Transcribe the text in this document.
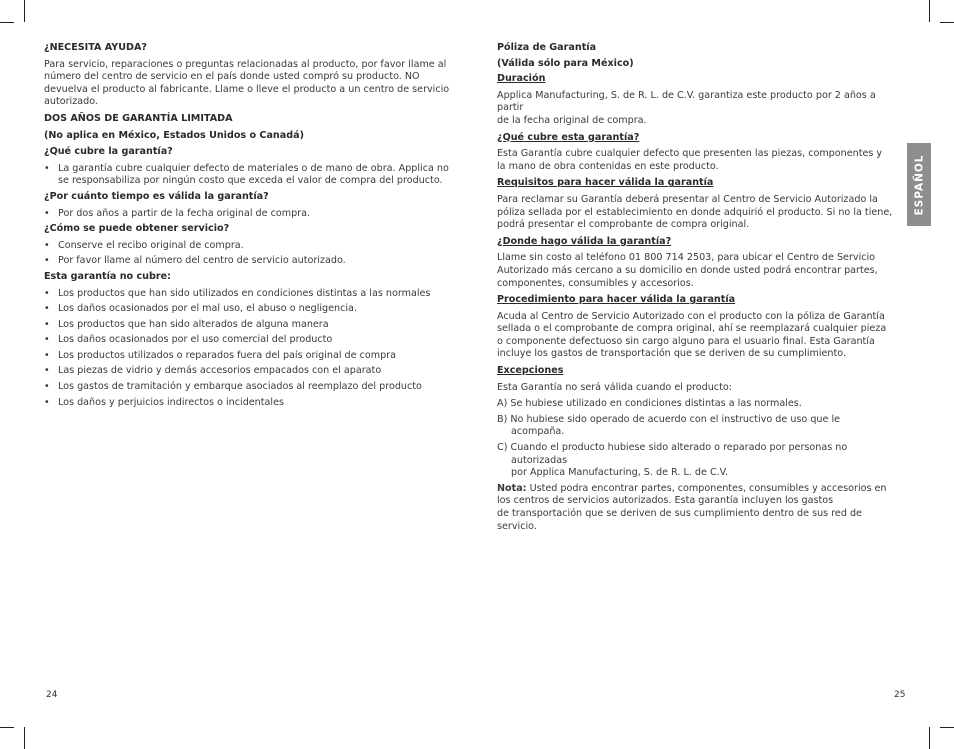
¿NECESITA AYUDA?
Para servicio, reparaciones o preguntas relacionadas al producto, por favor llame al número del centro de servicio en el país donde usted compró su producto. NO devuelva el producto al fabricante. Llame o lleve el producto a un centro de servicio autorizado.
DOS AÑOS DE GARANTÍA LIMITADA
(No aplica en México, Estados Unidos o Canadá)
¿Qué cubre la garantía?
• La garantía cubre cualquier defecto de materiales o de mano de obra. Applica no se responsabiliza por ningún costo que exceda el valor de compra del producto.
¿Por cuánto tiempo es válida la garantía?
• Por dos años a partir de la fecha original de compra.
¿Cómo se puede obtener servicio?
• Conserve el recibo original de compra.
• Por favor llame al número del centro de servicio autorizado.
Esta garantía no cubre:
• Los productos que han sido utilizados en condiciones distintas a las normales
• Los daños ocasionados por el mal uso, el abuso o negligencia.
• Los productos que han sido alterados de alguna manera
• Los daños ocasionados por el uso comercial del producto
• Los productos utilizados o reparados fuera del país original de compra
• Las piezas de vidrio y demás accesorios empacados con el aparato
• Los gastos de tramitación y embarque asociados al reemplazo del producto
• Los daños y perjuicios indirectos o incidentales
Póliza de Garantía
(Válida sólo para México)
Duración
Applica Manufacturing, S. de R. L. de C.V. garantiza este producto por 2 años a partir
de la fecha original de compra.
¿Qué cubre esta garantía?
Esta Garantía cubre cualquier defecto que presenten las piezas, componentes y la mano de obra contenidas en este producto.
Requisitos para hacer válida la garantía
Para reclamar su Garantía deberá presentar al Centro de Servicio Autorizado la póliza sellada por el establecimiento en donde adquirió el producto. Si no la tiene, podrá presentar el comprobante de compra original.
¿Donde hago válida la garantía?
Llame sin costo al teléfono 01 800 714 2503, para ubicar el Centro de Servicio Autorizado más cercano a su domicilio en donde usted podrá encontrar partes, componentes, consumibles y accesorios.
Procedimiento para hacer válida la garantía
Acuda al Centro de Servicio Autorizado con el producto con la póliza de Garantía sellada o el comprobante de compra original, ahí se reemplazará cualquier pieza o componente defectuoso sin cargo alguno para el usuario final. Esta Garantía incluye los gastos de transportación que se deriven de su cumplimiento.
Excepciones
Esta Garantía no será válida cuando el producto:
A) Se hubiese utilizado en condiciones distintas a las normales.
B) No hubiese sido operado de acuerdo con el instructivo de uso que le acompaña.
C) Cuando el producto hubiese sido alterado o reparado por personas no autorizadas
por Applica Manufacturing, S. de R. L. de C.V.
Nota: Usted podra encontrar partes, componentes, consumibles y accesorios en los centros de servicios autorizados. Esta garantía incluyen los gastos
de transportación que se deriven de sus cumplimiento dentro de sus red de servicio.
24	25
ESPAÑOL
